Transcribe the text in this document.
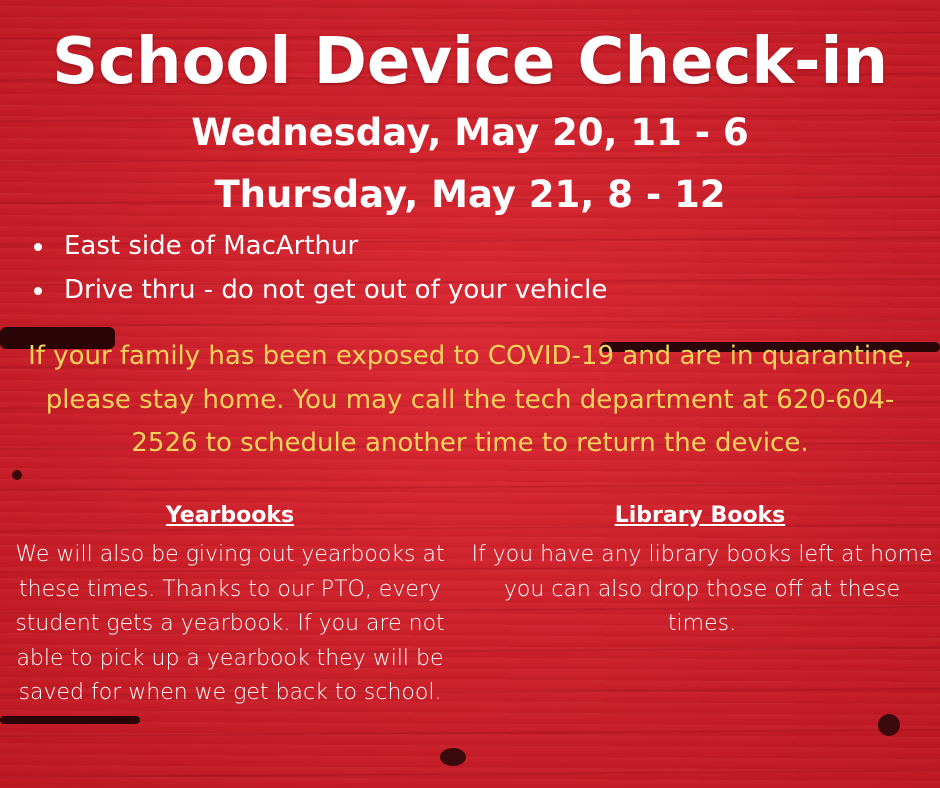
School Device Check-in
Wednesday, May 20, 11 - 6
Thursday, May 21, 8 - 12
East side of MacArthur
Drive thru - do not get out of your vehicle
If your family has been exposed to COVID-19 and are in quarantine, please stay home. You may call the tech department at 620-604-2526 to schedule another time to return the device.
Yearbooks
We will also be giving out yearbooks at these times. Thanks to our PTO, every student gets a yearbook. If you are not able to pick up a yearbook they will be saved for when we get back to school.
Library Books
If you have any library books left at home you can also drop those off at these times.
